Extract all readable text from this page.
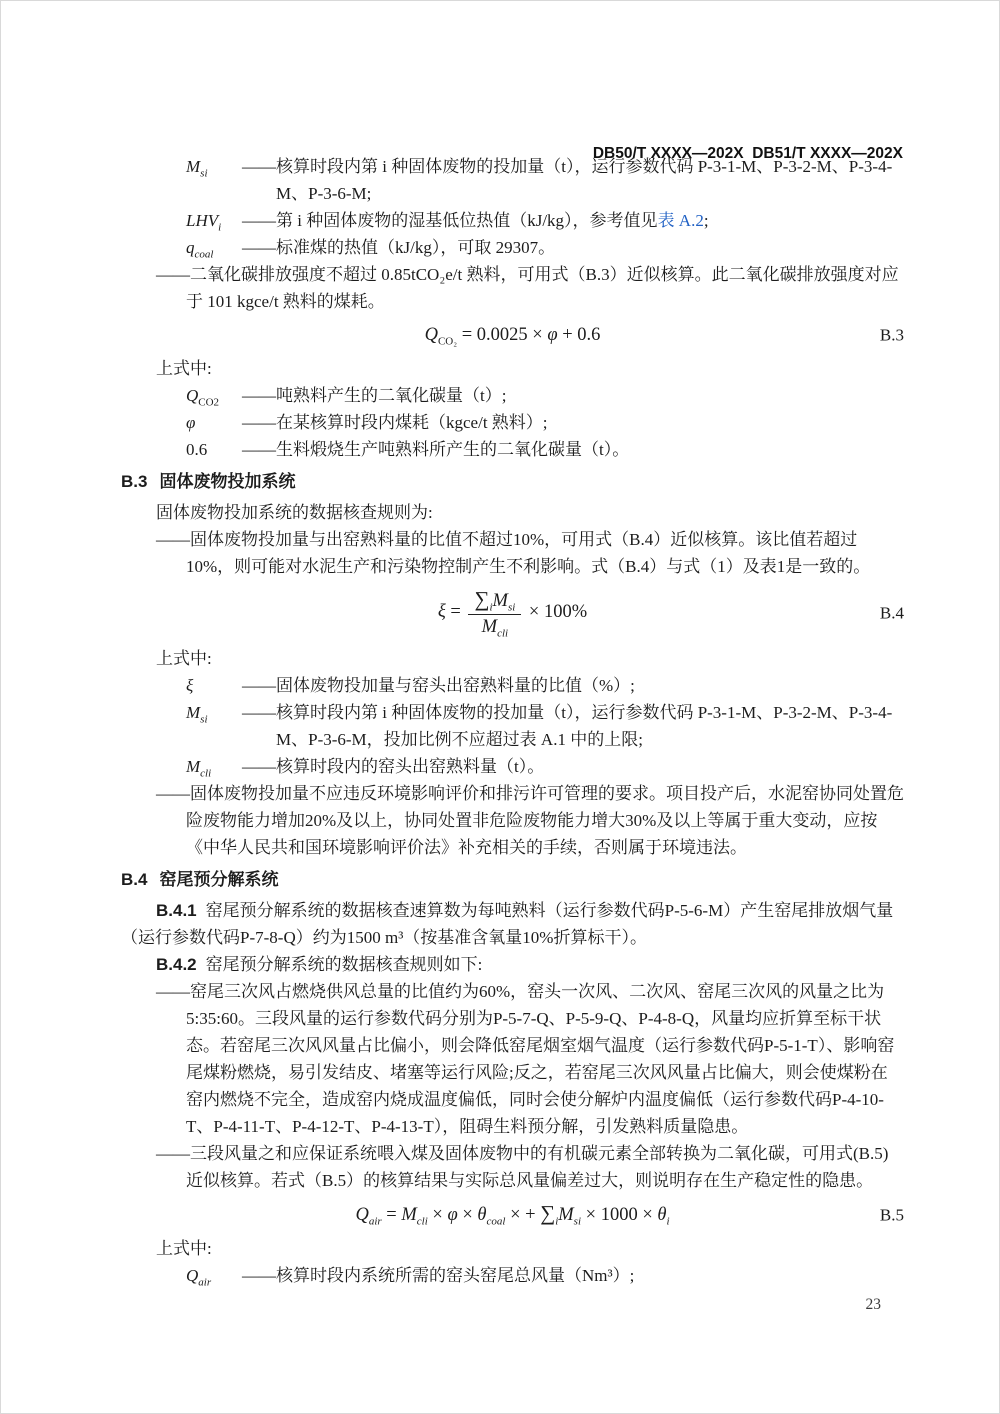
DB50/T XXXX—202X  DB51/T XXXX—202X

$M_{si}$	——核算时段内第 i 种固体废物的投加量（t），运行参数代码 P-3-1-M、P-3-2-M、P-3-4-M、P-3-6-M;
$LHV_i$	——第 i 种固体废物的湿基低位热值（kJ/kg），参考值见表 A.2;
$q_{coal}$	——标准煤的热值（kJ/kg），可取 29307。
——二氧化碳排放强度不超过 0.85tCO₂e/t 熟料，可用式（B.3）近似核算。此二氧化碳排放强度对应于 101 kgce/t 熟料的煤耗。
$Q_{CO_2} = 0.0025 \times \varphi + 0.6$	B.3
上式中:
$Q_{CO2}$	——吨熟料产生的二氧化碳量（t）;
φ	——在某核算时段内煤耗（kgce/t 熟料）;
0.6	——生料煅烧生产吨熟料所产生的二氧化碳量（t）。
B.3 固体废物投加系统
固体废物投加系统的数据核查规则为:
——固体废物投加量与出窑熟料量的比值不超过10%，可用式（B.4）近似核算。该比值若超过10%，则可能对水泥生产和污染物控制产生不利影响。式（B.4）与式（1）及表1是一致的。
$\xi = \frac{\sum_iM_{si}}{M_{cli}} \times 100\%$	B.4
上式中:
ξ	——固体废物投加量与窑头出窑熟料量的比值（%）;
$M_{si}$	——核算时段内第 i 种固体废物的投加量（t），运行参数代码 P-3-1-M、P-3-2-M、P-3-4-M、P-3-6-M，投加比例不应超过表 A.1 中的上限;
$M_{cli}$	——核算时段内的窑头出窑熟料量（t）。
——固体废物投加量不应违反环境影响评价和排污许可管理的要求。项目投产后，水泥窑协同处置危险废物能力增加20%及以上，协同处置非危险废物能力增大30%及以上等属于重大变动，应按《中华人民共和国环境影响评价法》补充相关的手续，否则属于环境违法。
B.4 窑尾预分解系统
B.4.1 窑尾预分解系统的数据核查速算数为每吨熟料（运行参数代码P-5-6-M）产生窑尾排放烟气量（运行参数代码P-7-8-Q）约为1500 m³（按基准含氧量10%折算标干）。
B.4.2 窑尾预分解系统的数据核查规则如下:
——窑尾三次风占燃烧供风总量的比值约为60%，窑头一次风、二次风、窑尾三次风的风量之比为5:35:60。三段风量的运行参数代码分别为P-5-7-Q、P-5-9-Q、P-4-8-Q，风量均应折算至标干状态。若窑尾三次风风量占比偏小，则会降低窑尾烟室烟气温度（运行参数代码P-5-1-T）、影响窑尾煤粉燃烧，易引发结皮、堵塞等运行风险;反之，若窑尾三次风风量占比偏大，则会使煤粉在窑内燃烧不完全，造成窑内烧成温度偏低，同时会使分解炉内温度偏低（运行参数代码P-4-10-T、P-4-11-T、P-4-12-T、P-4-13-T），阻碍生料预分解，引发熟料质量隐患。
——三段风量之和应保证系统喂入煤及固体废物中的有机碳元素全部转换为二氧化碳，可用式(B.5)近似核算。若式（B.5）的核算结果与实际总风量偏差过大，则说明存在生产稳定性的隐患。
$Q_{air} = M_{cli} \times \varphi \times \theta_{coal}$ × + $\sum_iM_{si} \times 1000 \times \theta_i$	B.5
上式中:
$Q_{air}$	——核算时段内系统所需的窑头窑尾总风量（Nm³）;
23
